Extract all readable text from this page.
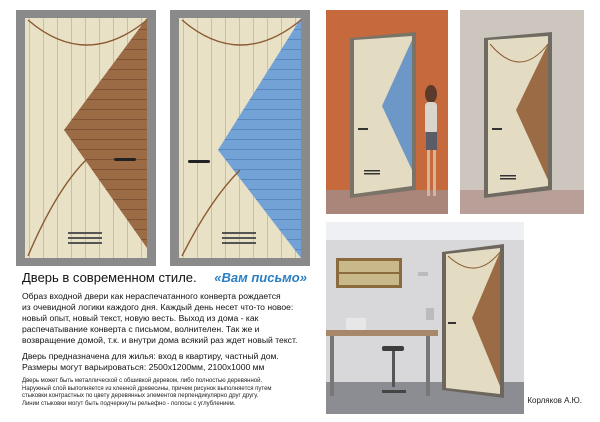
Дверь в современном стиле. «Вам письмо»
Образ входной двери как нераспечатанного конверта рождается
из очевидной логики каждого дня. Каждый день несет что-то новое:
новый опыт, новый текст, новую весть. Выход из дома - как
распечатывание конверта с письмом, волнителен. Так же и
возвращение домой, т.к. и внутри дома всякий раз ждет новый текст.
Дверь предназначена для жилья: вход в квартиру, частный дом.
Размеры могут варьироваться: 2500х1200мм, 2100х1000 мм
Дверь может быть металлической с обшивкой деревом, либо полностью деревянной.
Наружный слой выполняется из клееной древесины, причем рисунок выполняется путем
стыковки контрастных по цвету деревянных элементов перпендикулярно друг другу.
Линии стыковки могут быть подчеркнуты рельефно - полосы с углублением.	Корляков А.Ю.
